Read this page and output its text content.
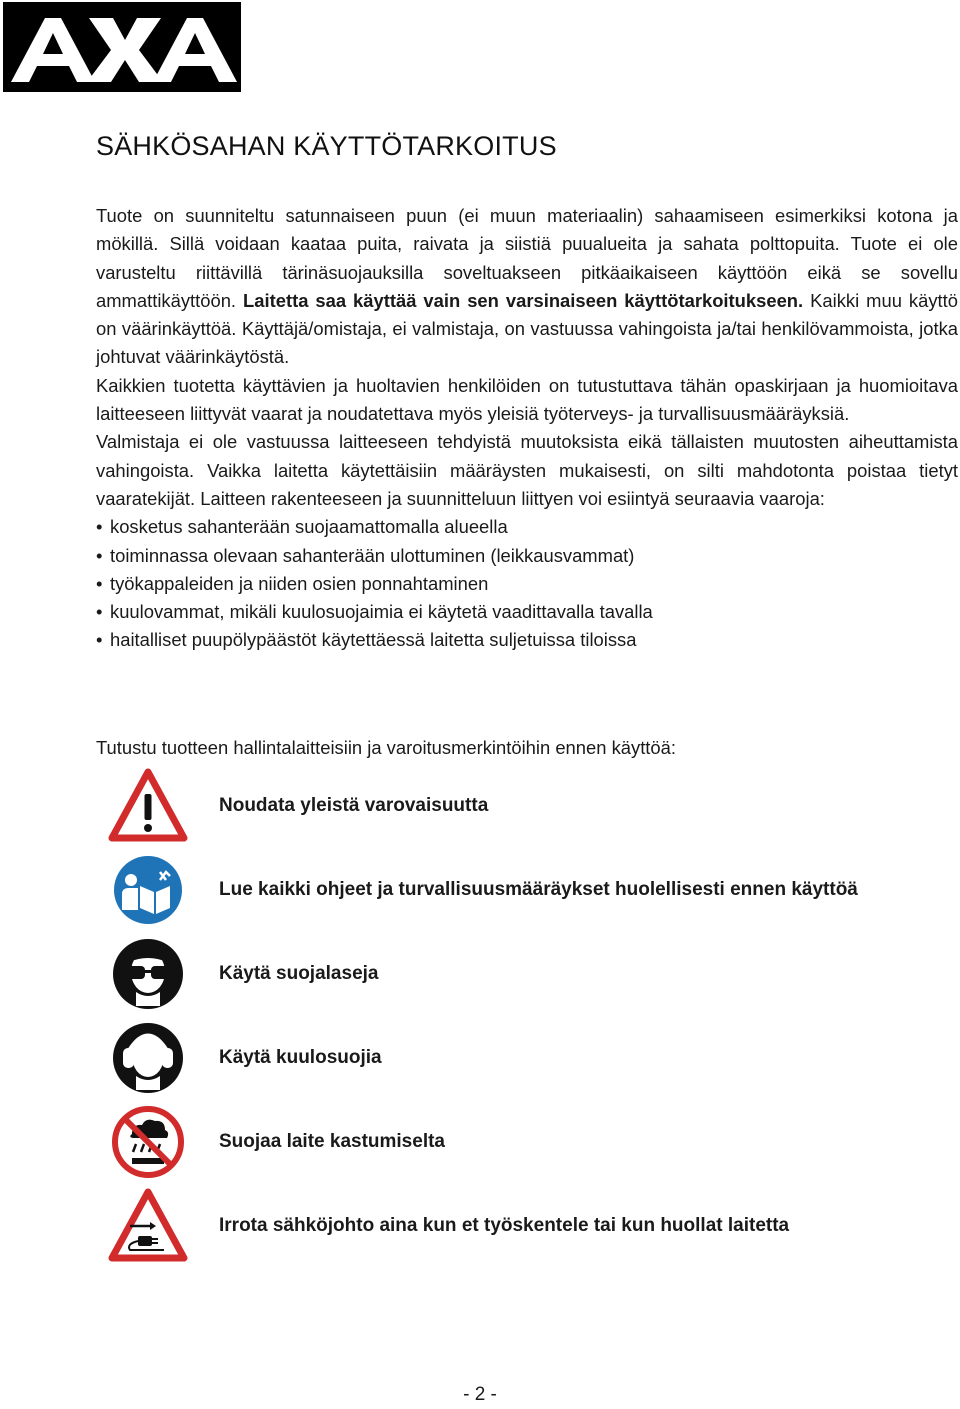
SÄHKÖSAHAN KÄYTTÖTARKOITUS

Tuote on suunniteltu satunnaiseen puun (ei muun materiaalin) sahaamiseen esimerkiksi kotona ja mökillä. Sillä voidaan kaataa puita, raivata ja siistiä puualueita ja sahata polttopuita. Tuote ei ole varusteltu riittävillä tärinäsuojauksilla soveltuakseen pitkäaikaiseen käyttöön eikä se sovellu ammattikäyttöön. Laitetta saa käyttää vain sen varsinaiseen käyttötarkoitukseen. Kaikki muu käyttö on väärinkäyttöä. Käyttäjä/omistaja, ei valmistaja, on vastuussa vahingoista ja/tai henkilövammoista, jotka johtuvat väärinkäytöstä.

Kaikkien tuotetta käyttävien ja huoltavien henkilöiden on tutustuttava tähän opaskirjaan ja huomioitava laitteeseen liittyvät vaarat ja noudatettava myös yleisiä työterveys- ja turvallisuusmääräyksiä.

Valmistaja ei ole vastuussa laitteeseen tehdyistä muutoksista eikä tällaisten muutosten aiheuttamista vahingoista. Vaikka laitetta käytettäisiin määräysten mukaisesti, on silti mahdotonta poistaa tietyt vaaratekijät. Laitteen rakenteeseen ja suunnitteluun liittyen voi esiintyä seuraavia vaaroja:

• kosketus sahanterään suojaamattomalla alueella
• toiminnassa olevaan sahanterään ulottuminen (leikkausvammat)
• työkappaleiden ja niiden osien ponnahtaminen
• kuulovammat, mikäli kuulosuojaimia ei käytetä vaadittavalla tavalla
• haitalliset puupölypäästöt käytettäessä laitetta suljetuissa tiloissa

Tutustu tuotteen hallintalaitteisiin ja varoitusmerkintöihin ennen käyttöä:

Noudata yleistä varovaisuutta
Lue kaikki ohjeet ja turvallisuusmääräykset huolellisesti ennen käyttöä
Käytä suojalaseja
Käytä kuulosuojia
Suojaa laite kastumiselta
Irrota sähköjohto aina kun et työskentele tai kun huollat laitetta
- 2 -
